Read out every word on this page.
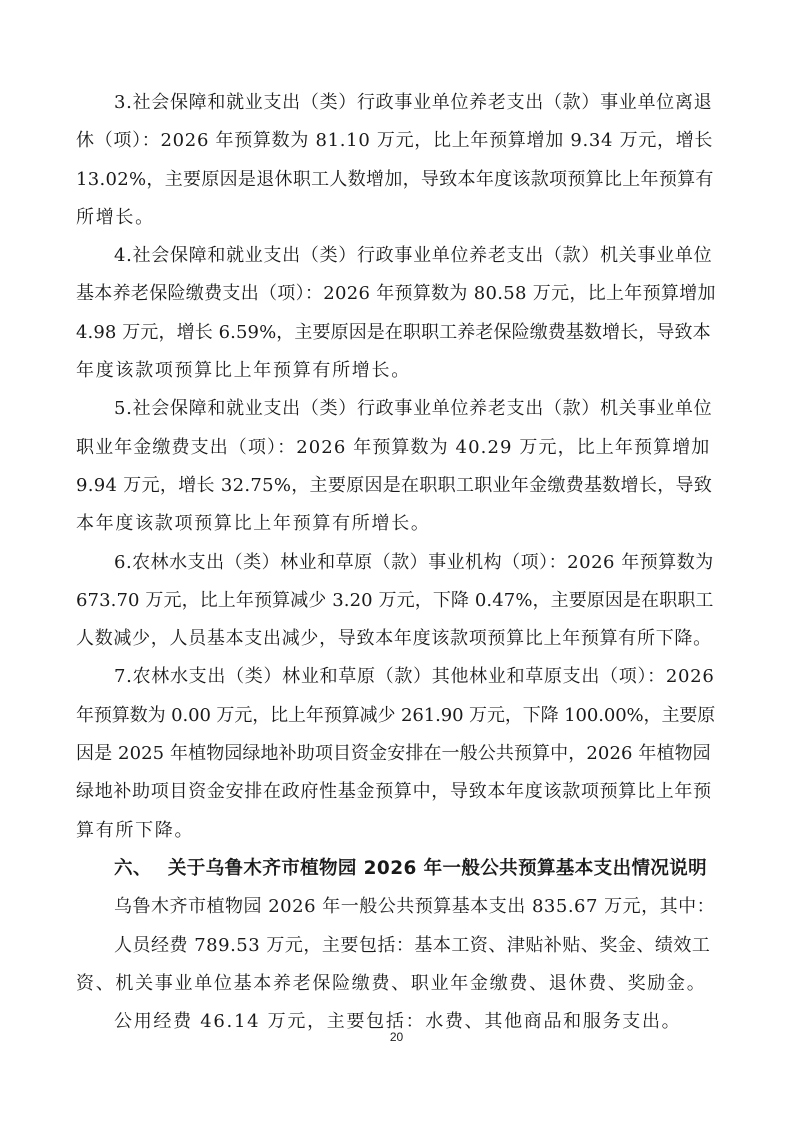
3.社会保障和就业支出（类）行政事业单位养老支出（款）事业单位离退
休（项）：2026 年预算数为 81.10 万元，比上年预算增加 9.34 万元，增长
13.02%，主要原因是退休职工人数增加，导致本年度该款项预算比上年预算有
所增长。
4.社会保障和就业支出（类）行政事业单位养老支出（款）机关事业单位
基本养老保险缴费支出（项）：2026 年预算数为 80.58 万元，比上年预算增加
4.98 万元，增长 6.59%，主要原因是在职职工养老保险缴费基数增长，导致本
年度该款项预算比上年预算有所增长。
5.社会保障和就业支出（类）行政事业单位养老支出（款）机关事业单位
职业年金缴费支出（项）：2026 年预算数为 40.29 万元，比上年预算增加
9.94 万元，增长 32.75%，主要原因是在职职工职业年金缴费基数增长，导致
本年度该款项预算比上年预算有所增长。
6.农林水支出（类）林业和草原（款）事业机构（项）：2026 年预算数为
673.70 万元，比上年预算减少 3.20 万元，下降 0.47%，主要原因是在职职工
人数减少，人员基本支出减少，导致本年度该款项预算比上年预算有所下降。
7.农林水支出（类）林业和草原（款）其他林业和草原支出（项）：2026
年预算数为 0.00 万元，比上年预算减少 261.90 万元，下降 100.00%，主要原
因是 2025 年植物园绿地补助项目资金安排在一般公共预算中，2026 年植物园
绿地补助项目资金安排在政府性基金预算中，导致本年度该款项预算比上年预
算有所下降。
六、 关于乌鲁木齐市植物园 2026 年一般公共预算基本支出情况说明
乌鲁木齐市植物园 2026 年一般公共预算基本支出 835.67 万元，其中：
人员经费 789.53 万元，主要包括：基本工资、津贴补贴、奖金、绩效工
资、机关事业单位基本养老保险缴费、职业年金缴费、退休费、奖励金。
公用经费 46.14 万元，主要包括：水费、其他商品和服务支出。
20
